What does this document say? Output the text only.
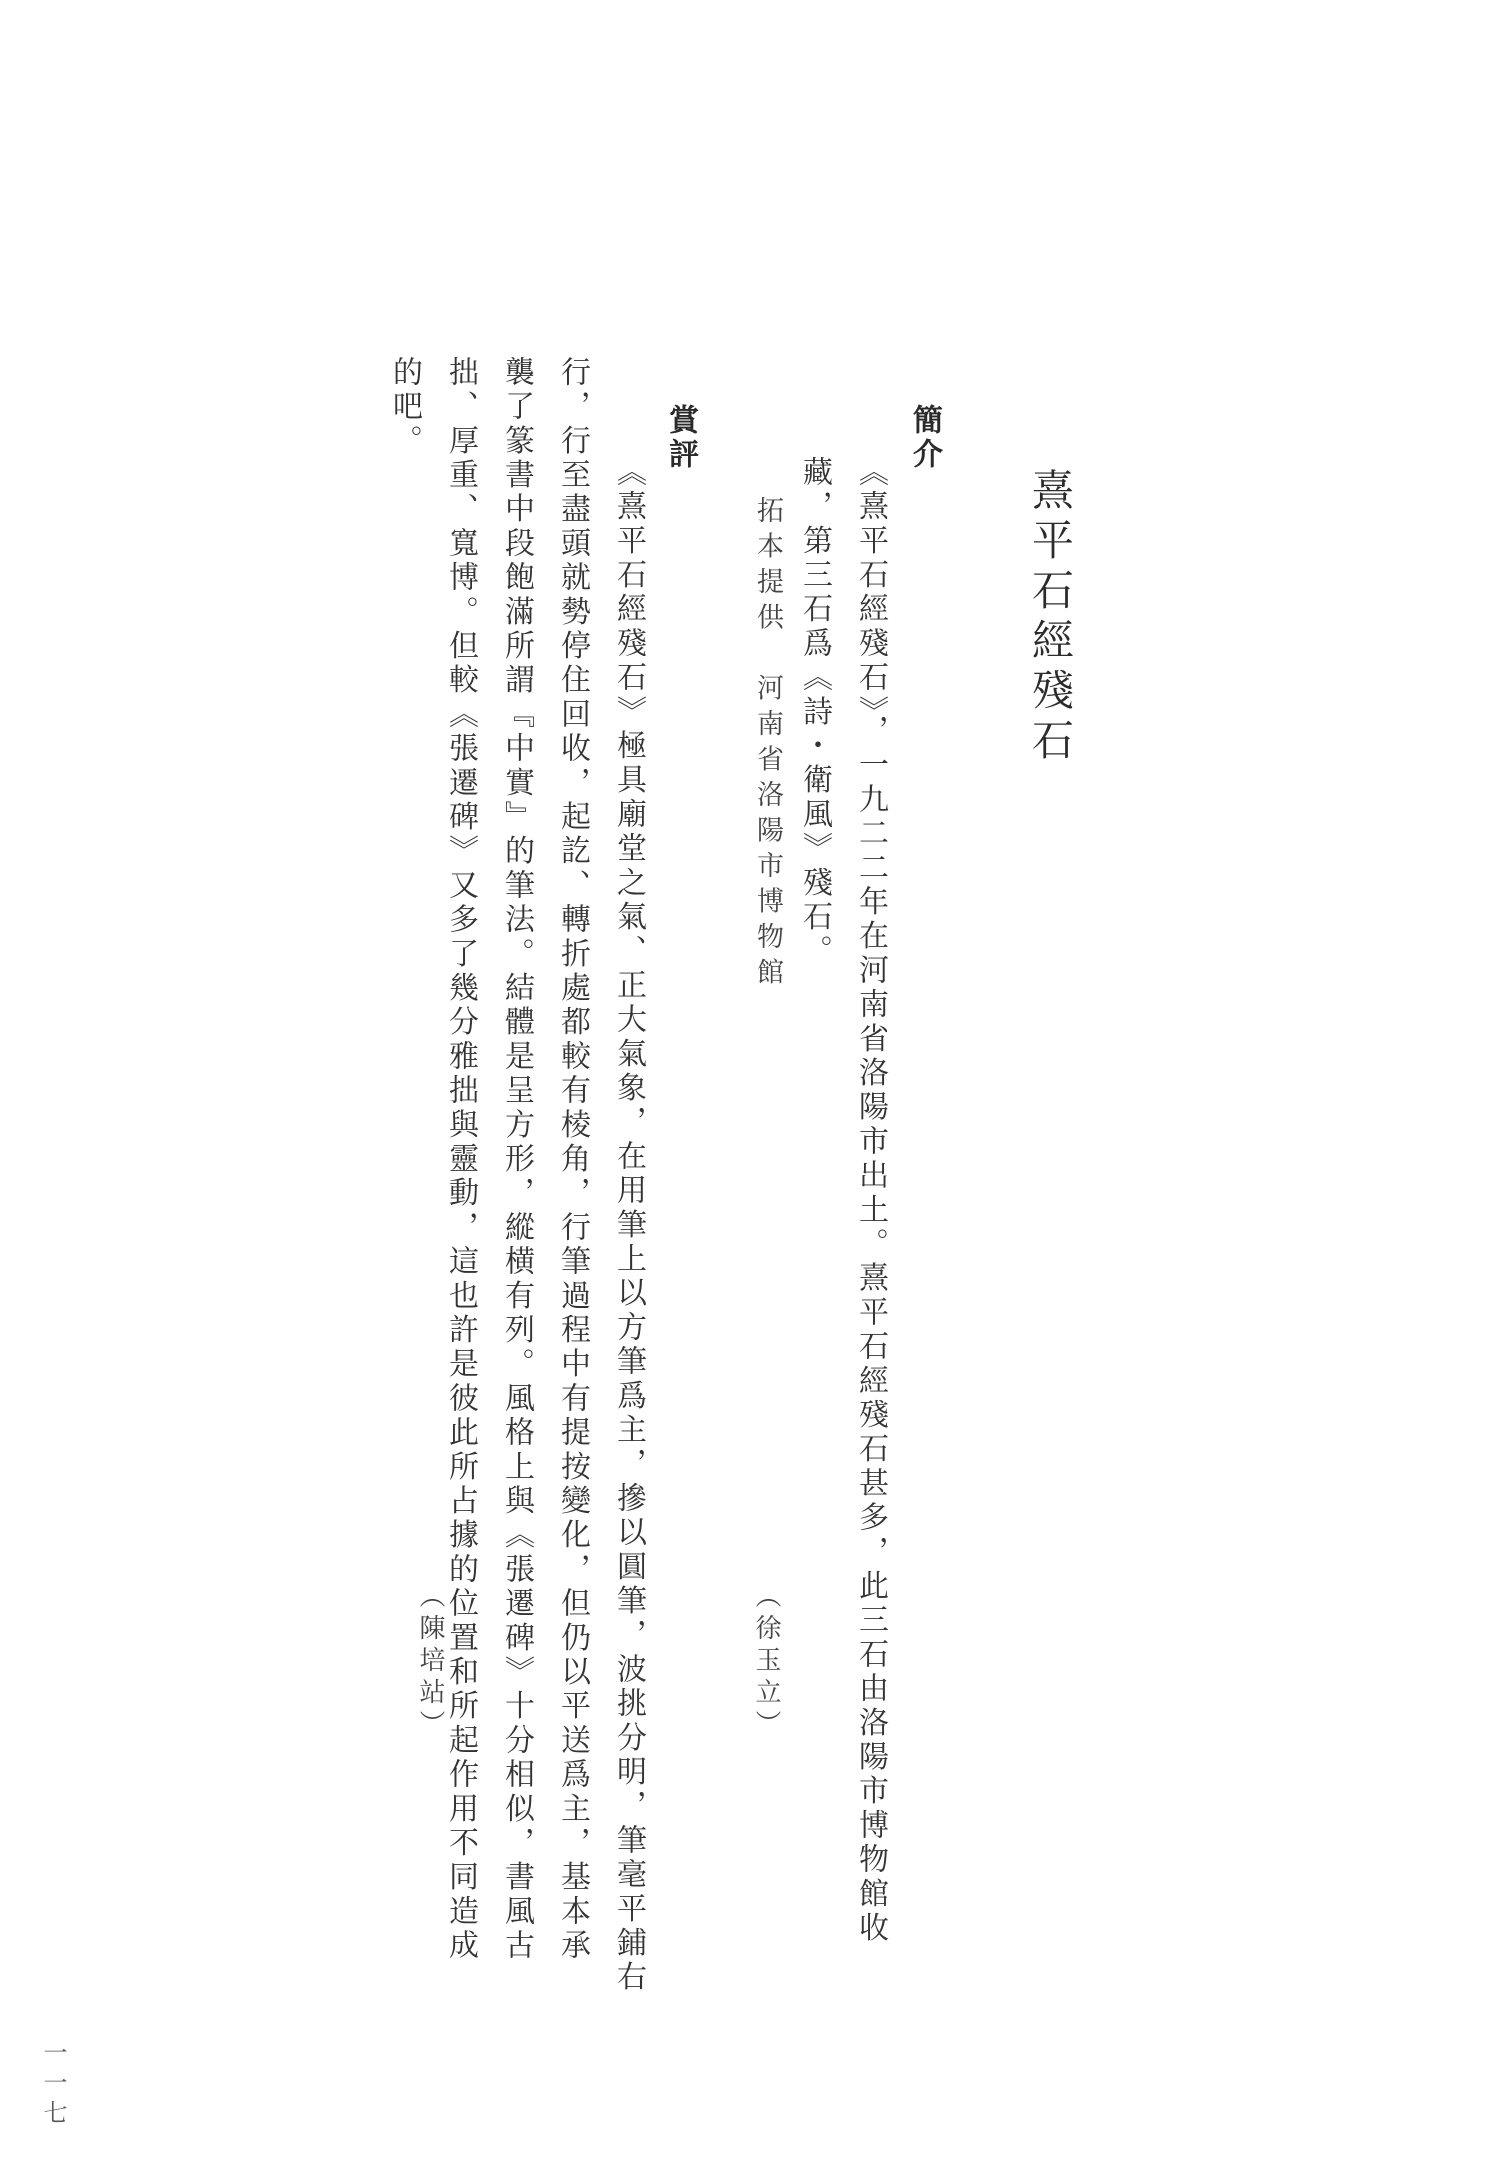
熹平石經殘石
簡介
《熹平石經殘石》，一九二二年在河南省洛陽市出土。熹平石經殘石甚多，此三石由洛陽市博物館收
藏，第三石爲《詩・衛風》殘石。
拓本提供　河南省洛陽市博物館
（徐玉立）
賞評
《熹平石經殘石》極具廟堂之氣、正大氣象，在用筆上以方筆爲主，摻以圓筆，波挑分明，筆毫平鋪右
行，行至盡頭就勢停住回收，起訖、轉折處都較有棱角，行筆過程中有提按變化，但仍以平送爲主，基本承
襲了篆書中段飽滿所謂『中實』的筆法。結體是呈方形，縱横有列。風格上與《張遷碑》十分相似，書風古
拙、厚重、寬博。但較《張遷碑》又多了幾分雅拙與靈動，這也許是彼此所占據的位置和所起作用不同造成
的吧。
（陳培站）
一一七
